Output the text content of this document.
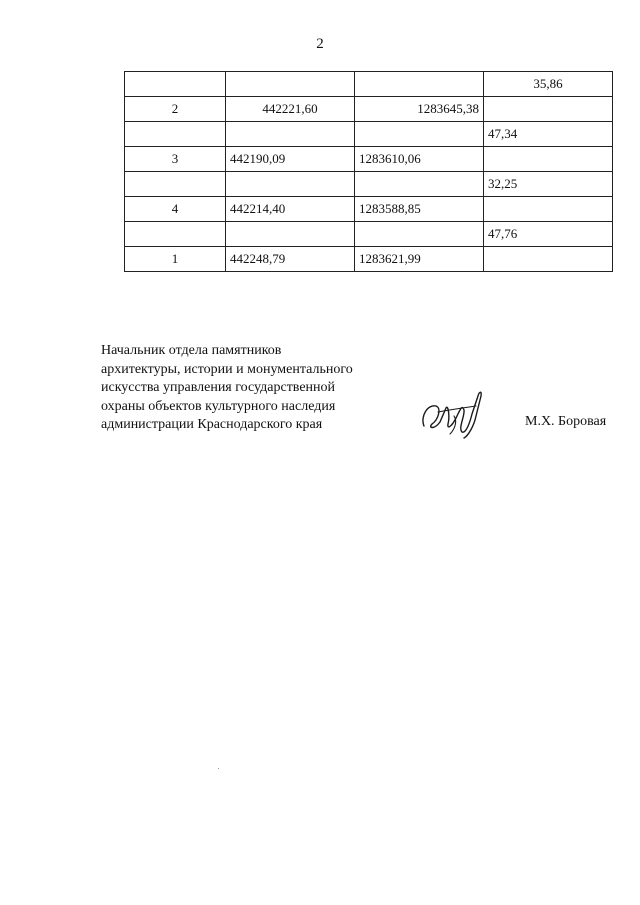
2
			35,86
2	442221,60	1283645,38	
			47,34
3	442190,09	1283610,06	
			32,25
4	442214,40	1283588,85	
			47,76
1	442248,79	1283621,99	
Начальник отдела памятников
архитектуры, истории и монументального
искусства управления государственной
охраны объектов культурного наследия
администрации Краснодарского края	М.Х. Боровая
